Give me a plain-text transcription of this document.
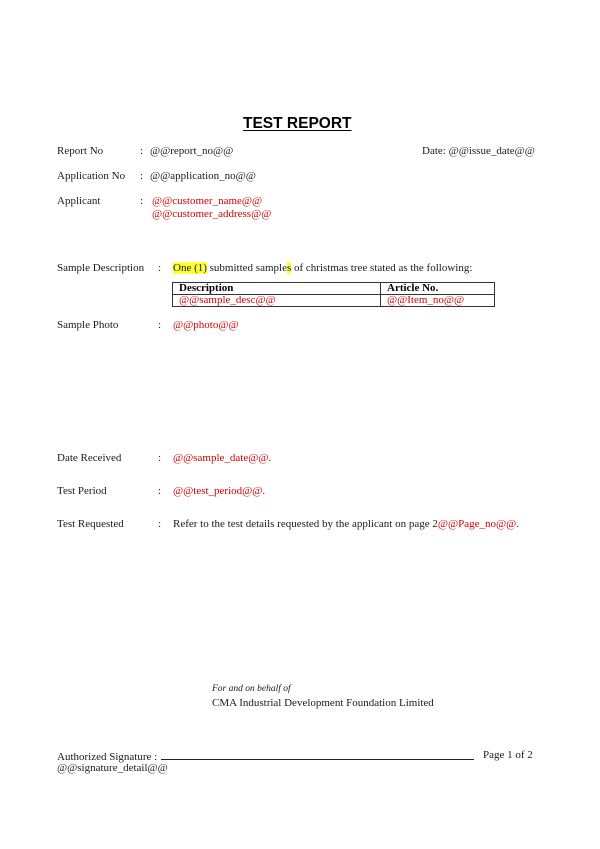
TEST REPORT
Report No	: @@report_no@@	Date: @@issue_date@@
Application No : @@application_no@@
Applicant	: @@customer_name@@
@@customer_address@@
Sample Description : One (1) submitted samples of christmas tree stated as the following:
Description	Article No.
@@sample_desc@@	@@Item_no@@
Sample Photo	: @@photo@@
Date Received	: @@sample_date@@.
Test Period	: @@test_period@@.
Test Requested	: Refer to the test details requested by the applicant on page 2@@Page_no@@.
For and on behalf of
CMA Industrial Development Foundation Limited
Authorized Signature :	Page 1 of 2
@@signature_detail@@
